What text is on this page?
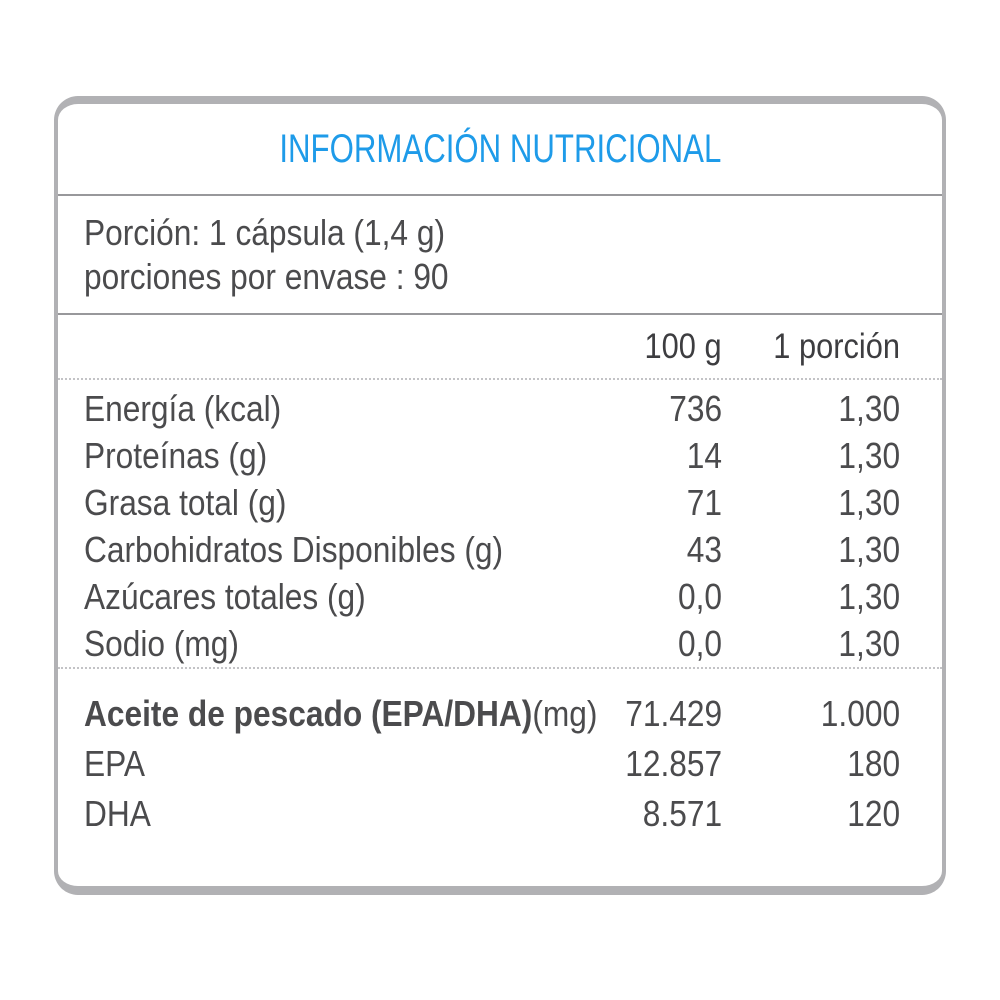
INFORMACIÓN NUTRICIONAL
Porción: 1 cápsula (1,4 g)
porciones por envase : 90
100 g	1 porción
Energía (kcal)	736	1,30
Proteínas (g)	14	1,30
Grasa total (g)	71	1,30
Carbohidratos Disponibles (g)	43	1,30
Azúcares totales (g)	0,0	1,30
Sodio (mg)	0,0	1,30
Aceite de pescado (EPA/DHA)(mg) 71.429	1.000
EPA	12.857	180
DHA	8.571	120
